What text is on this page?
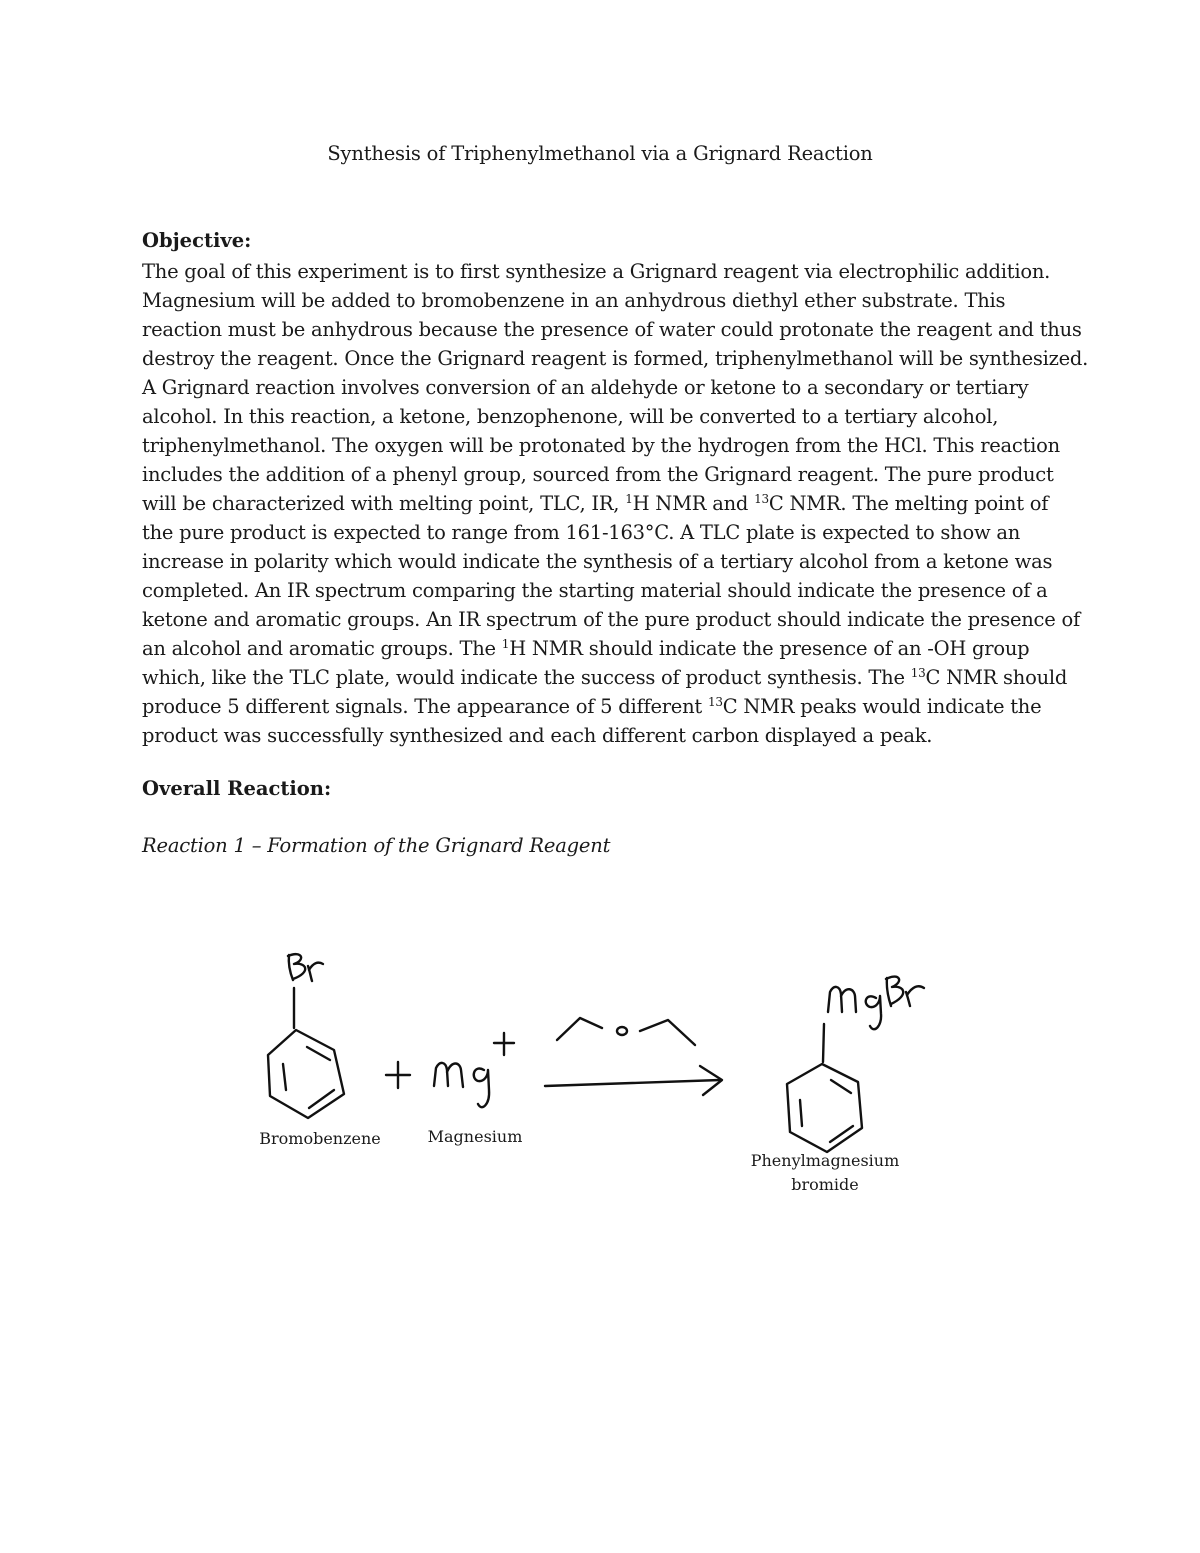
Synthesis of Triphenylmethanol via a Grignard Reaction
Objective:
The goal of this experiment is to first synthesize a Grignard reagent via electrophilic addition.
Magnesium will be added to bromobenzene in an anhydrous diethyl ether substrate. This
reaction must be anhydrous because the presence of water could protonate the reagent and thus
destroy the reagent. Once the Grignard reagent is formed, triphenylmethanol will be synthesized.
A Grignard reaction involves conversion of an aldehyde or ketone to a secondary or tertiary
alcohol. In this reaction, a ketone, benzophenone, will be converted to a tertiary alcohol,
triphenylmethanol. The oxygen will be protonated by the hydrogen from the HCl. This reaction
includes the addition of a phenyl group, sourced from the Grignard reagent. The pure product
will be characterized with melting point, TLC, IR, $^1$H NMR and $^{13}$C NMR. The melting point of
the pure product is expected to range from 161-163°C. A TLC plate is expected to show an
increase in polarity which would indicate the synthesis of a tertiary alcohol from a ketone was
completed. An IR spectrum comparing the starting material should indicate the presence of a
ketone and aromatic groups. An IR spectrum of the pure product should indicate the presence of
an alcohol and aromatic groups. The $^1$H NMR should indicate the presence of an -OH group
which, like the TLC plate, would indicate the success of product synthesis. The $^{13}$C NMR should
produce 5 different signals. The appearance of 5 different $^{13}$C NMR peaks would indicate the
product was successfully synthesized and each different carbon displayed a peak.
Overall Reaction:
Reaction 1 – Formation of the Grignard Reagent
Bromobenzene	Magnesium
Phenylmagnesium
bromide
